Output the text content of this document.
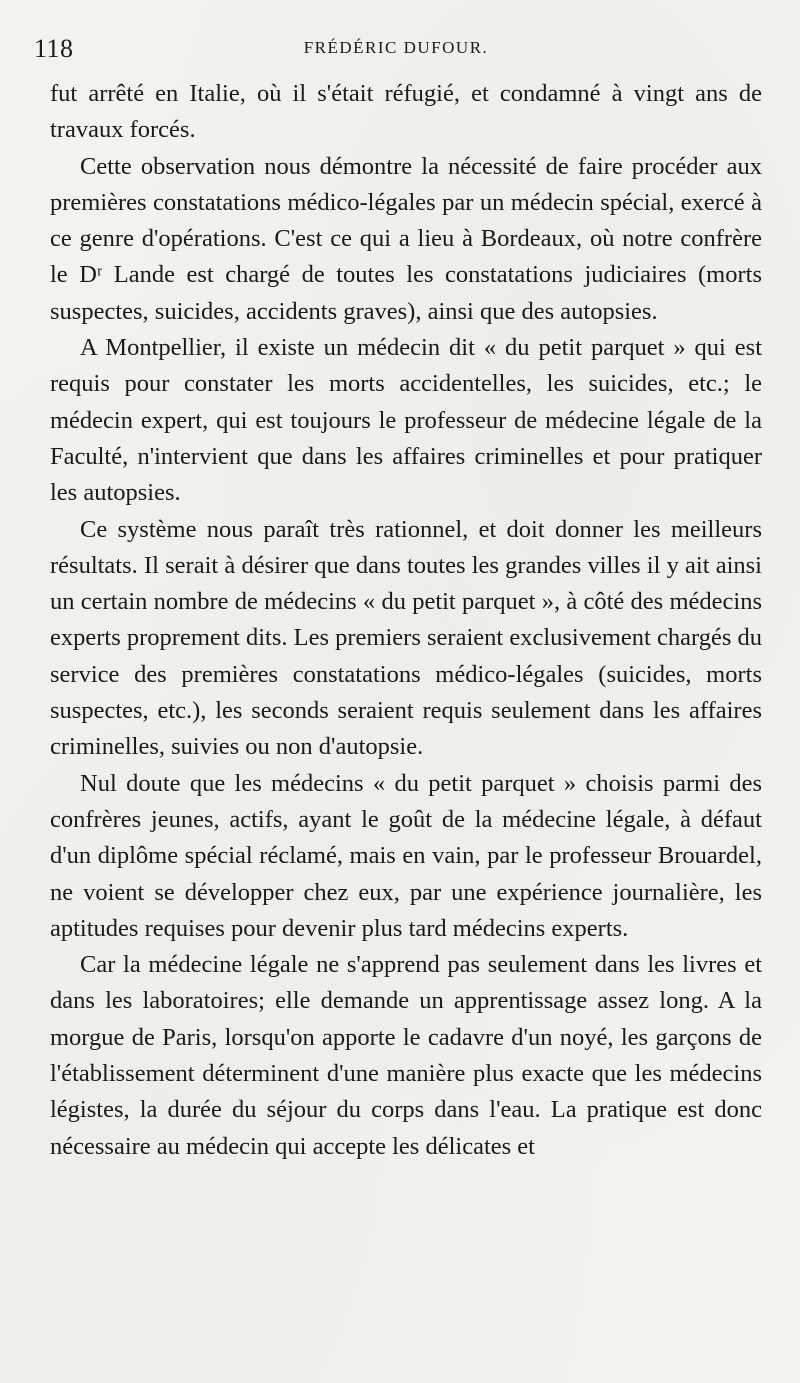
118	FRÉDÉRIC DUFOUR.

fut arrêté en Italie, où il s'était réfugié, et condamné à vingt ans de travaux forcés.

Cette observation nous démontre la nécessité de faire procéder aux premières constatations médico-légales par un médecin spécial, exercé à ce genre d'opérations. C'est ce qui a lieu à Bordeaux, où notre confrère le Dʳ Lande est chargé de toutes les constatations judiciaires (morts suspectes, suicides, accidents graves), ainsi que des autopsies.

A Montpellier, il existe un médecin dit « du petit parquet » qui est requis pour constater les morts accidentelles, les suicides, etc.; le médecin expert, qui est toujours le professeur de médecine légale de la Faculté, n'intervient que dans les affaires criminelles et pour pratiquer les autopsies.

Ce système nous paraît très rationnel, et doit donner les meilleurs résultats. Il serait à désirer que dans toutes les grandes villes il y ait ainsi un certain nombre de médecins « du petit parquet », à côté des médecins experts proprement dits. Les premiers seraient exclusivement chargés du service des premières constatations médico-légales (suicides, morts suspectes, etc.), les seconds seraient requis seulement dans les affaires criminelles, suivies ou non d'autopsie.

Nul doute que les médecins « du petit parquet » choisis parmi des confrères jeunes, actifs, ayant le goût de la médecine légale, à défaut d'un diplôme spécial réclamé, mais en vain, par le professeur Brouardel, ne voient se développer chez eux, par une expérience journalière, les aptitudes requises pour devenir plus tard médecins experts.

Car la médecine légale ne s'apprend pas seulement dans les livres et dans les laboratoires; elle demande un apprentissage assez long. A la morgue de Paris, lorsqu'on apporte le cadavre d'un noyé, les garçons de l'établissement déterminent d'une manière plus exacte que les médecins légistes, la durée du séjour du corps dans l'eau. La pratique est donc nécessaire au médecin qui accepte les délicates et
